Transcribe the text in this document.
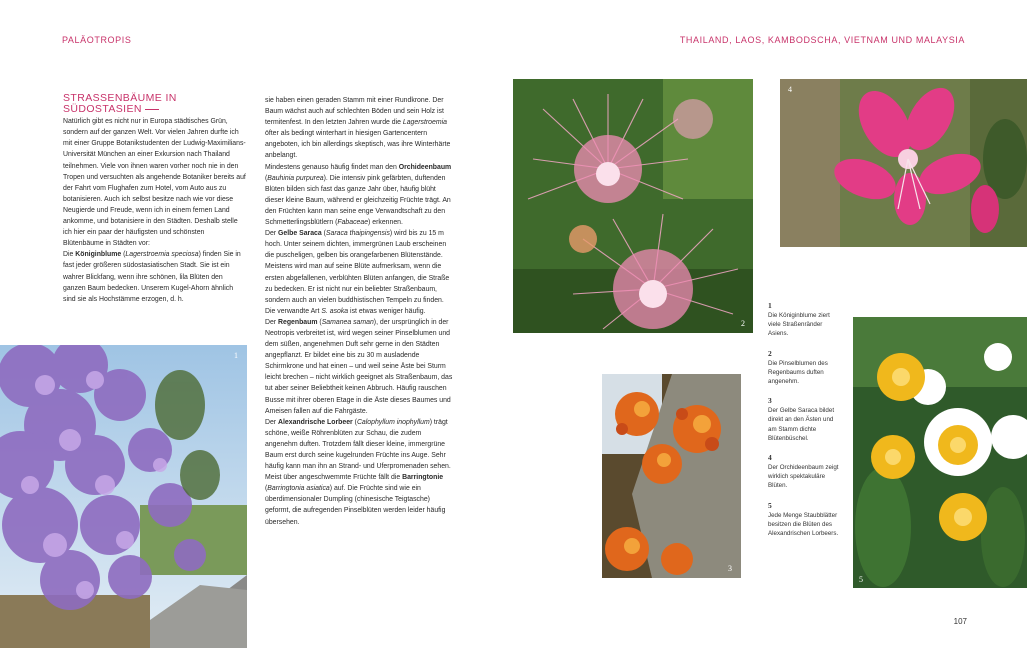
PALÄOTROPIS	THAILAND, LAOS, KAMBODSCHA, VIETNAM UND MALAYSIA
STRASSENBÄUME IN SÜDOSTASIEN

Natürlich gibt es nicht nur in Europa städtisches Grün, sondern auf der ganzen Welt. Vor vielen Jahren durfte ich mit einer Gruppe Botanikstudenten der Ludwig-Maximilians-Universität München an einer Exkursion nach Thailand teilnehmen. Viele von ihnen waren vorher noch nie in den Tropen und versuchten als angehende Botaniker bereits auf der Fahrt vom Flughafen zum Hotel, vom Auto aus zu botanisieren. Auch ich selbst besitze nach wie vor diese Neugierde und Freude, wenn ich in einem fernen Land ankomme, und botanisiere in den Städten. Deshalb stelle ich hier ein paar der häufigsten und schönsten Blütenbäume in Städten vor:

Die Königinblume (Lagerstroemia speciosa) finden Sie in fast jeder größeren südostasiatischen Stadt. Sie ist ein wahrer Blickfang, wenn ihre schönen, lila Blüten den ganzen Baum bedecken. Unserem Kugel-Ahorn ähnlich sind sie als Hochstämme erzogen, d. h.

sie haben einen geraden Stamm mit einer Rundkrone. Der Baum wächst auch auf schlechten Böden und sein Holz ist termitenfest. In den letzten Jahren wurde die Lagerstroemia öfter als bedingt winterhart in hiesigen Gartencentern angeboten, ich bin allerdings skeptisch, was ihre Winterhärte anbelangt.

Mindestens genauso häufig findet man den Orchideenbaum (Bauhinia purpurea). Die intensiv pink gefärbten, duftenden Blüten bilden sich fast das ganze Jahr über, häufig blüht dieser kleine Baum, während er gleichzeitig Früchte trägt. An den Früchten kann man seine enge Verwandtschaft zu den Schmetterlingsblütlern (Fabaceae) erkennen.

Der Gelbe Saraca (Saraca thaipingensis) wird bis zu 15 m hoch. Unter seinem dichten, immergrünen Laub erscheinen die puscheligen, gelben bis orangefarbenen Blütenstände. Meistens wird man auf seine Blüte aufmerksam, wenn die ersten abgefallenen, verblühten Blüten anfangen, die Straße zu bedecken. Er ist nicht nur ein beliebter Straßenbaum, sondern auch an vielen buddhistischen Tempeln zu finden. Die verwandte Art S. asoka ist etwas weniger häufig.

Der Regenbaum (Samanea saman), der ursprünglich in der Neotropis verbreitet ist, wird wegen seiner Pinselblumen und dem süßen, angenehmen Duft sehr gerne in den Städten angepflanzt. Er bildet eine bis zu 30 m ausladende Schirmkrone und hat einen – und weil seine Äste bei Sturm leicht brechen – nicht wirklich geeignet als Straßenbaum, das tut aber seiner Beliebtheit keinen Abbruch. Häufig rauschen Busse mit ihrer oberen Etage in die Äste dieses Baumes und Ameisen fallen auf die Fahrgäste.

Der Alexandrische Lorbeer (Calophyllum inophyllum) trägt schöne, weiße Röhrenblüten zur Schau, die zudem angenehm duften. Trotzdem fällt dieser kleine, immergrüne Baum erst durch seine kugelrunden Früchte ins Auge. Sehr häufig kann man ihn an Strand- und Uferpromenaden sehen.

Meist über angeschwemmte Früchte fällt die Barringtonie (Barringtonia asiatica) auf. Die Früchte sind wie ein überdimensionaler Dumpling (chinesische Teigtasche) geformt, die aufregenden Pinselblüten werden leider häufig übersehen.

1
2
4
3
5
1
Die Königinblume ziert viele Straßenränder Asiens.
2
Die Pinselblumen des Regenbaums duften angenehm.
3
Der Gelbe Saraca bildet direkt an den Ästen und am Stamm dichte Blütenbüschel.
4
Der Orchideenbaum zeigt wirklich spektakuläre Blüten.
5
Jede Menge Staubblätter besitzen die Blüten des Alexandrischen Lorbeers.
107
